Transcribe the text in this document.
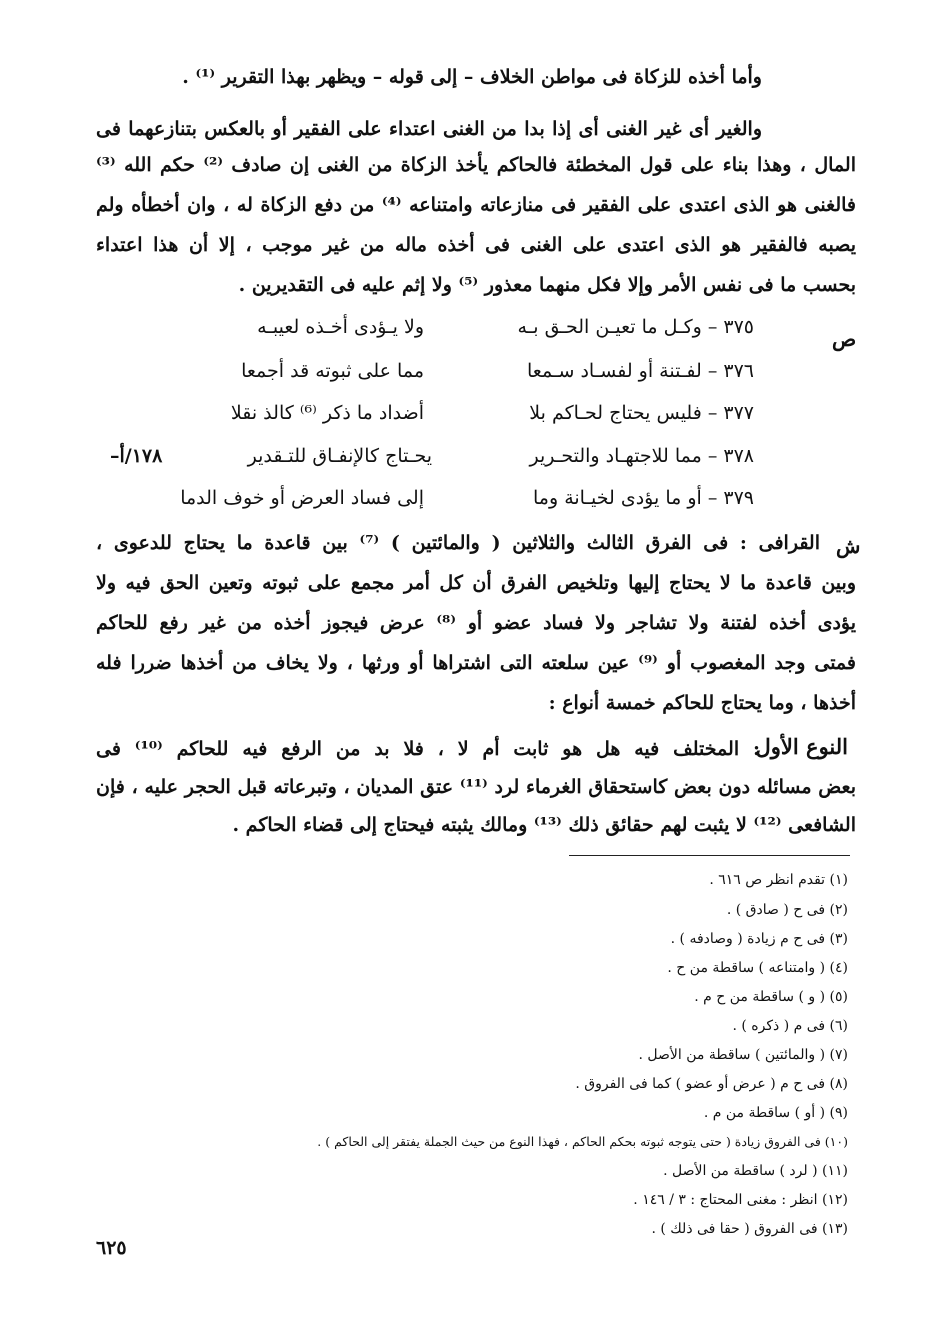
وأما أخذه للزكاة فى مواطن الخلاف – إلى قوله – ويظهر بهذا التقرير ⁽¹⁾ .
والغير أى غير الغنى أى إذا بدا من الغنى اعتداء على الفقير أو بالعكس بتنازعهما فى
المال ، وهذا بناء على قول المخطئة فالحاكم يأخذ الزكاة من الغنى إن صادف ⁽²⁾ حكم الله ⁽³⁾
فالغنى هو الذى اعتدى على الفقير فى منازعاته وامتناعه ⁽⁴⁾ من دفع الزكاة له ، وان أخطأه ولم
يصبه فالفقير هو الذى اعتدى على الغنى فى أخذه ماله من غير موجب ، إلا أن هذا اعتداء
بحسب ما فى نفس الأمر وإلا فكل منهما معذور ⁽⁵⁾ ولا إثم عليه فى التقديرين .
ص
٣٧٥ – وكـل ما تعيـن الحـق بـه
ولا يـؤدى أخـذه لعيبـه
٣٧٦ – لفـتنة أو لفسـاد سـمعا
مما على ثبوته قد أجمعا
٣٧٧ – فليس يحتاج لحـاكم بلا
أضداد ما ذكر ⁽⁶⁾ كالذ نقلا
٣٧٨ – مما للاجتهـاد والتحـرير
يحـتاج كالإنفـاق للتـقدير
١٧٨/أ–
٣٧٩ – أو ما يؤدى لخيـانة وما
إلى فساد العرض أو خوف الدما
ش
القرافى : فى الفرق الثالث والثلاثين ( والمائتين ) ⁽⁷⁾ بين قاعدة ما يحتاج للدعوى ،
وبين قاعدة ما لا يحتاج إليها وتلخيص الفرق أن كل أمر مجمع على ثبوته وتعين الحق فيه ولا
يؤدى أخذه لفتنة ولا تشاجر ولا فساد عضو أو ⁽⁸⁾ عرض فيجوز أخذه من غير رفع للحاكم
فمتى وجد المغصوب أو ⁽⁹⁾ عين سلعته التى اشتراها أو ورثها ، ولا يخاف من أخذها ضررا فله
أخذها ، وما يحتاج للحاكم خمسة أنواع :
: المختلف فيه هل هو ثابت أم لا ، فلا بد من الرفع فيه للحاكم ⁽¹⁰⁾ فى
النوع الأول
بعض مسائله دون بعض كاستحقاق الغرماء لرد ⁽¹¹⁾ عتق المديان ، وتبرعاته قبل الحجر عليه ، فإن
الشافعى ⁽¹²⁾ لا يثبت لهم حقائق ذلك ⁽¹³⁾ ومالك يثبته فيحتاج إلى قضاء الحاكم .
(١) تقدم انظر ص ٦١٦ .
(٢) فى ح ( صادق ) .
(٣) فى ح م زيادة ( وصادفه ) .
(٤) ( وامتناعه ) ساقطة من ح .
(٥) ( و ) ساقطة من ح م .
(٦) فى م ( ذكره ) .
(٧) ( والمائتين ) ساقطة من الأصل .
(٨) فى ح م ( عرض أو عضو ) كما فى الفروق .
(٩) ( أو ) ساقطة من م .
(١٠) فى الفروق زيادة ( حتى يتوجه ثبوته بحكم الحاكم ، فهذا النوع من حيث الجملة يفتقر إلى الحاكم ) .
(١١) ( لرد ) ساقطة من الأصل .
(١٢) انظر : مغنى المحتاج : ٣ / ١٤٦ .
(١٣) فى الفروق ( حقا فى ذلك ) .
٦٢٥
